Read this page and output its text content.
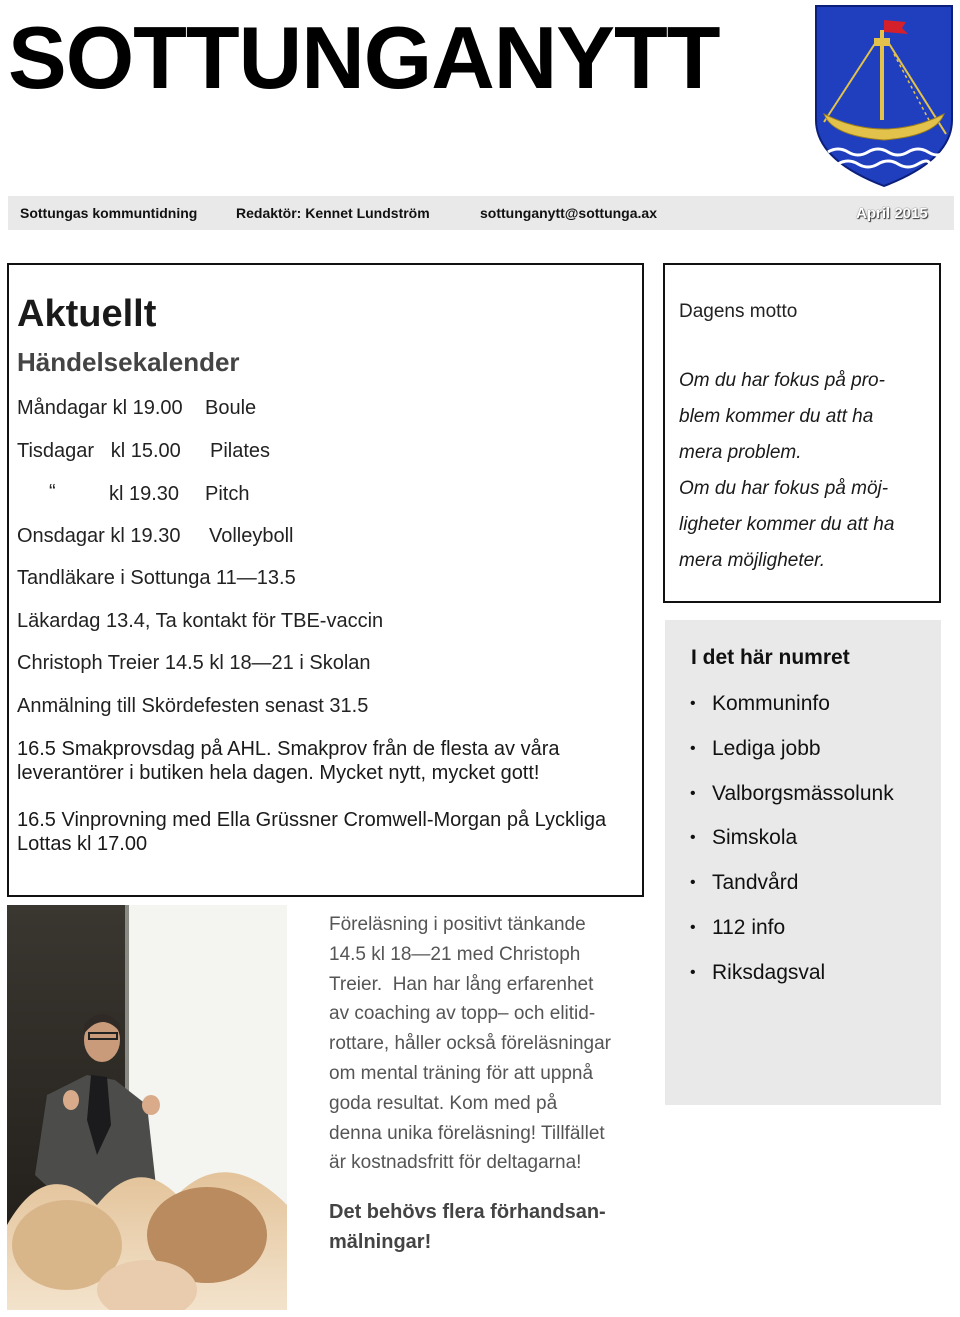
SOTTUNGANYTT
Sottungas kommuntidning	Redaktör: Kennet Lundström	sottunganytt@sottunga.ax	April 2015
Aktuellt
Händelsekalender
Måndagar kl 19.00 Boule
Tisdagar   kl 15.00 Pilates
“	kl 19.30 Pitch
Onsdagar kl 19.30 Volleyboll
Tandläkare i Sottunga 11—13.5
Läkardag 13.4, Ta kontakt för TBE-vaccin
Christoph Treier 14.5 kl 18—21 i Skolan
Anmälning till Skördefesten senast 31.5
16.5 Smakprovsdag på AHL. Smakprov från de flesta av våra leverantörer i butiken hela dagen. Mycket nytt, mycket gott!
16.5 Vinprovning med Ella Grüssner Cromwell-Morgan på Lyckliga Lottas kl 17.00
Dagens motto
Om du har fokus på pro-
blem kommer du att ha
mera problem.
Om du har fokus på möj-
ligheter kommer du att ha
mera möjligheter.
I det här numret
• Kommuninfo
• Lediga jobb
• Valborgsmässolunk
• Simskola
• Tandvård
• 112 info
• Riksdagsval
Föreläsning i positivt tänkande
14.5 kl 18—21 med Christoph
Treier.  Han har lång erfarenhet
av coaching av topp– och elitid-
rottare, håller också föreläsningar
om mental träning för att uppnå
goda resultat. Kom med på
denna unika föreläsning! Tillfället
är kostnadsfritt för deltagarna!
Det behövs flera förhandsan-
mälningar!
